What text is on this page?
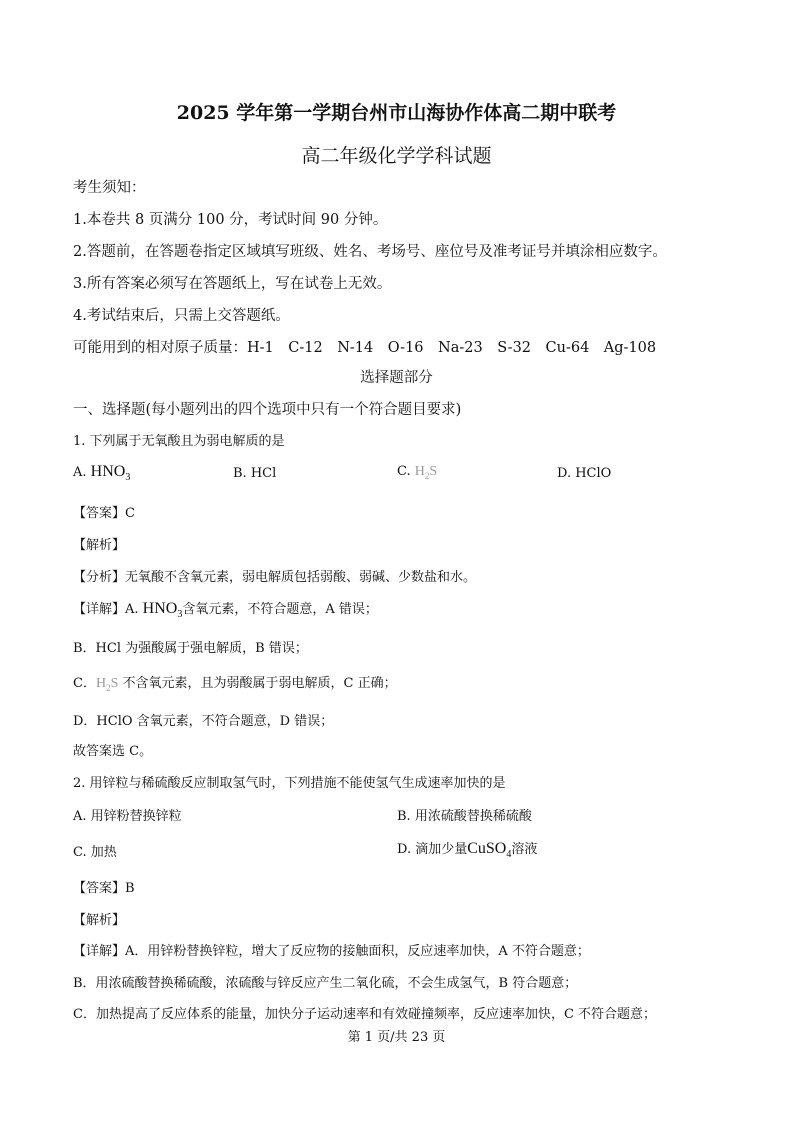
2025 学年第一学期台州市山海协作体高二期中联考
高二年级化学学科试题
考生须知：
1.本卷共 8 页满分 100 分，考试时间 90 分钟。
2.答题前，在答题卷指定区域填写班级、姓名、考场号、座位号及准考证号并填涂相应数字。
3.所有答案必须写在答题纸上，写在试卷上无效。
4.考试结束后，只需上交答题纸。
可能用到的相对原子质量：H-1　C-12　N-14　O-16　Na-23　S-32　Cu-64　Ag-108
选择题部分
一、选择题(每小题列出的四个选项中只有一个符合题目要求)
1. 下列属于无氧酸且为弱电解质的是
A. $HNO_3$	B. HCl	C. $H_2S$	D. HClO
【答案】C
【解析】
【分析】无氧酸不含氧元素，弱电解质包括弱酸、弱碱、少数盐和水。
【详解】A. $HNO_3$含氧元素，不符合题意，A 错误；
B．HCl 为强酸属于强电解质，B 错误；
C．$H_2S$ 不含氧元素，且为弱酸属于弱电解质，C 正确；
D．HClO 含氧元素，不符合题意，D 错误；
故答案选 C。
2. 用锌粒与稀硫酸反应制取氢气时，下列措施不能使氢气生成速率加快的是
A. 用锌粉替换锌粒	B. 用浓硫酸替换稀硫酸
C. 加热	D. 滴加少量CuSO$_4$溶液
【答案】B
【解析】
【详解】A．用锌粉替换锌粒，增大了反应物的接触面积，反应速率加快，A 不符合题意；
B．用浓硫酸替换稀硫酸，浓硫酸与锌反应产生二氧化硫，不会生成氢气，B 符合题意；
C．加热提高了反应体系的能量，加快分子运动速率和有效碰撞频率，反应速率加快，C 不符合题意；
第 1 页/共 23 页
